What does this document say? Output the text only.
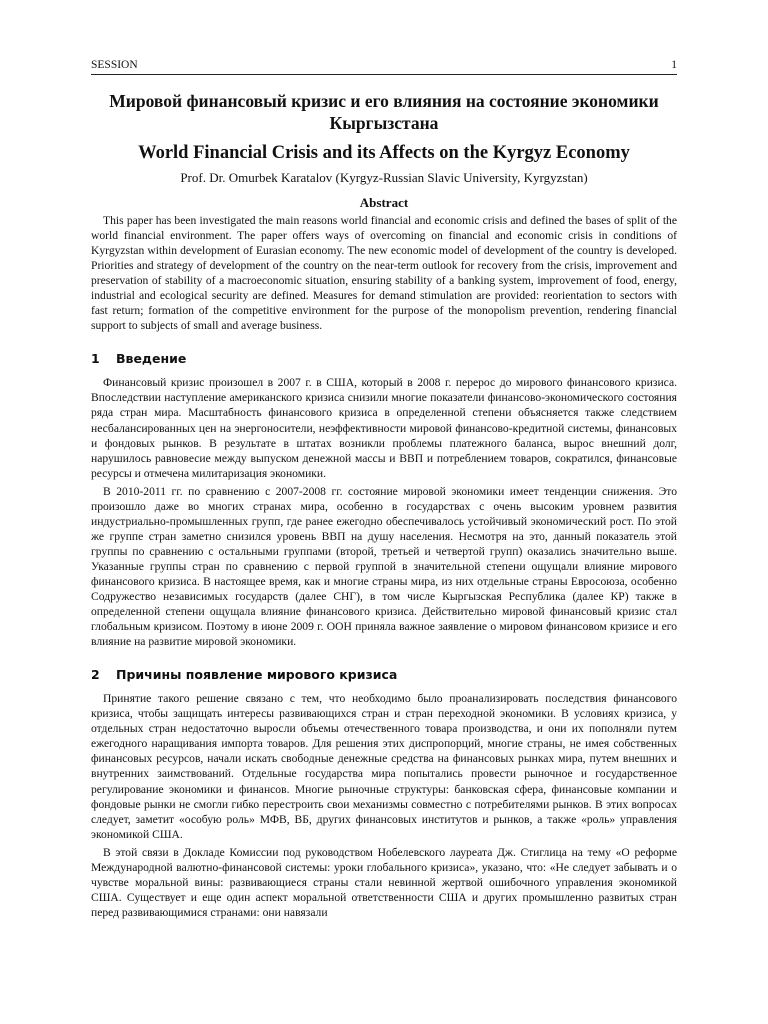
SESSION	1
Мировой финансовый кризис и его влияния на состояние экономики Кыргызстана
World Financial Crisis and its Affects on the Kyrgyz Economy
Prof. Dr. Omurbek Karatalov (Kyrgyz-Russian Slavic University, Kyrgyzstan)
Abstract

This paper has been investigated the main reasons world financial and economic crisis and defined the bases of split of the world financial environment. The paper offers ways of overcoming on financial and economic crisis in conditions of Kyrgyzstan within development of Eurasian economy. The new economic model of development of the country is developed. Priorities and strategy of development of the country on the near-term outlook for recovery from the crisis, improvement and preservation of stability of a macroeconomic situation, ensuring stability of a banking system, improvement of food, energy, industrial and ecological security are defined. Measures for demand stimulation are provided: reorientation to sectors with fast return; formation of the competitive environment for the purpose of the monopolism prevention, rendering financial support to subjects of small and average business.

1 Введение

Финансовый кризис произошел в 2007 г. в США, который в 2008 г. перерос до мирового финансового кризиса. Впоследствии наступление американского кризиса снизили многие показатели финансово-экономического состояния ряда стран мира. Масштабность финансового кризиса в определенной степени объясняется также следствием несбалансированных цен на энергоносители, неэффективности мировой финансово-кредитной системы, финансовых и фондовых рынков. В результате в штатах возникли проблемы платежного баланса, вырос внешний долг, нарушилось равновесие между выпуском денежной массы и ВВП и потреблением товаров, сократился, финансовые ресурсы и отмечена милитаризация экономики.

В 2010-2011 гг. по сравнению с 2007-2008 гг. состояние мировой экономики имеет тенденции снижения. Это произошло даже во многих странах мира, особенно в государствах с очень высоким уровнем развития индустриально-промышленных групп, где ранее ежегодно обеспечивалось устойчивый экономический рост. По этой же группе стран заметно снизился уровень ВВП на душу населения. Несмотря на это, данный показатель этой группы по сравнению с остальными группами (второй, третьей и четвертой групп) оказались значительно выше. Указанные группы стран по сравнению с первой группой в значительной степени ощущали влияние мирового финансового кризиса. В настоящее время, как и многие страны мира, из них отдельные страны Евросоюза, особенно Содружество независимых государств (далее СНГ), в том числе Кыргызская Республика (далее КР) также в определенной степени ощущала влияние финансового кризиса. Действительно мировой финансовый кризис стал глобальным кризисом. Поэтому в июне 2009 г. ООН приняла важное заявление о мировом финансовом кризисе и его влияние на развитие мировой экономики.

2 Причины появление мирового кризиса

Принятие такого решение связано с тем, что необходимо было проанализировать последствия финансового кризиса, чтобы защищать интересы развивающихся стран и стран переходной экономики. В условиях кризиса, у отдельных стран недостаточно выросли объемы отечественного товара производства, и они их пополняли путем ежегодного наращивания импорта товаров. Для решения этих диспропорций, многие страны, не имея собственных финансовых ресурсов, начали искать свободные денежные средства на финансовых рынках мира, путем внешних и внутренних заимствований. Отдельные государства мира попытались провести рыночное и государственное регулирование экономики и финансов. Многие рыночные структуры: банковская сфера, финансовые компании и фондовые рынки не смогли гибко перестроить свои механизмы совместно с потребителями рынков. В этих вопросах следует, заметит «особую роль» МФВ, ВБ, других финансовых институтов и рынков, а также «роль» управления экономикой США.

В этой связи в Докладе Комиссии под руководством Нобелевского лауреата Дж. Стиглица на тему «О реформе Международной валютно-финансовой системы: уроки глобального кризиса», указано, что: «Не следует забывать и о чувстве моральной вины: развивающиеся страны стали невинной жертвой ошибочного управления экономикой США. Существует и еще один аспект моральной ответственности США и других промышленно развитых стран перед развивающимися странами: они навязали
